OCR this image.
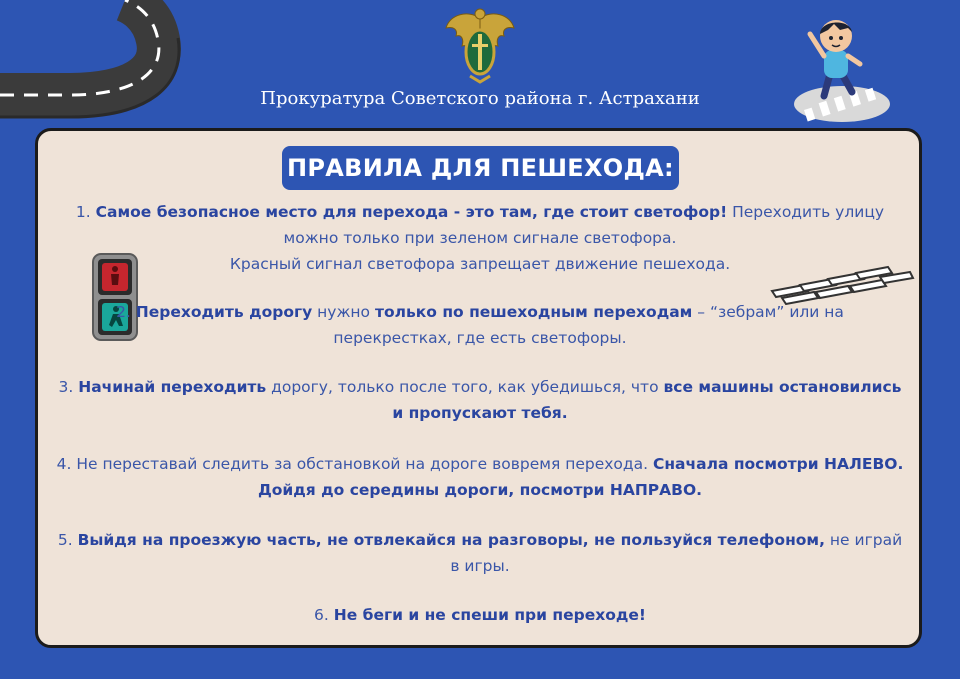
Прокуратура Советского района г. Астрахани
ПРАВИЛА ДЛЯ ПЕШЕХОДА:
1. Самое безопасное место для перехода - это там, где стоит светофор! Переходить улицу можно только при зеленом сигнале светофора.
Красный сигнал светофора запрещает движение пешехода.
2. Переходить дорогу нужно только по пешеходным переходам – “зебрам” или на перекрестках, где есть светофоры.
3. Начинай переходить дорогу, только после того, как убедишься, что все машины остановились и пропускают тебя.
4. Не переставай следить за обстановкой на дороге вовремя перехода. Сначала посмотри НАЛЕВО. Дойдя до середины дороги, посмотри НАПРАВО.
5. Выйдя на проезжую часть, не отвлекайся на разговоры, не пользуйся телефоном, не играй в игры.
6. Не беги и не спеши при переходе!
